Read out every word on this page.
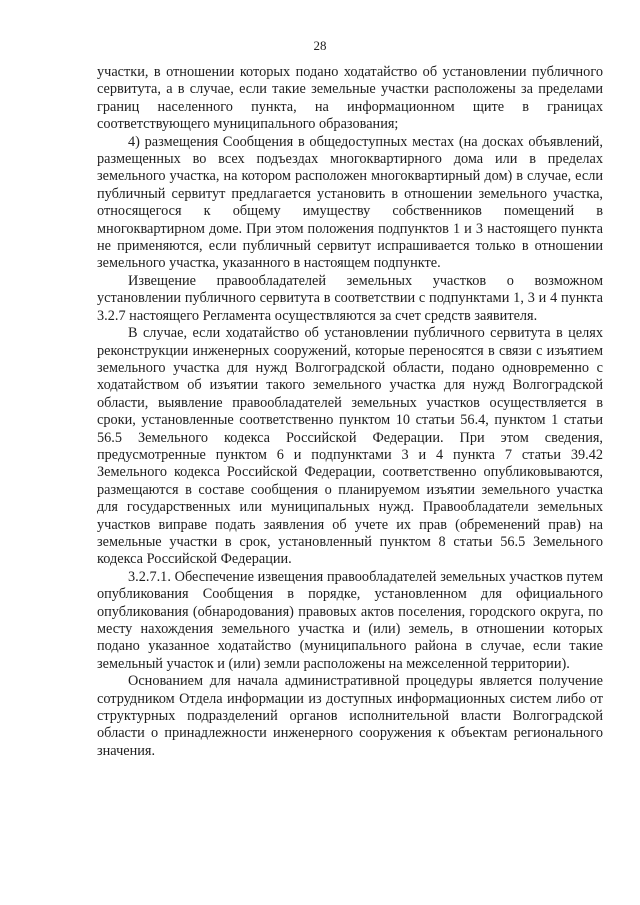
28

участки, в отношении которых подано ходатайство об установлении публичного сервитута, а в случае, если такие земельные участки расположены за пределами границ населенного пункта, на информационном щите в границах соответствующего муниципального образования;

4) размещения Сообщения в общедоступных местах (на досках объявлений, размещенных во всех подъездах многоквартирного дома или в пределах земельного участка, на котором расположен многоквартирный дом) в случае, если публичный сервитут предлагается установить в отношении земельного участка, относящегося к общему имуществу собственников помещений в многоквартирном доме. При этом положения подпунктов 1 и 3 настоящего пункта не применяются, если публичный сервитут испрашивается только в отношении земельного участка, указанного в настоящем подпункте.

Извещение правообладателей земельных участков о возможном установлении публичного сервитута в соответствии с подпунктами 1, 3 и 4 пункта 3.2.7 настоящего Регламента осуществляются за счет средств заявителя.

В случае, если ходатайство об установлении публичного сервитута в целях реконструкции инженерных сооружений, которые переносятся в связи с изъятием земельного участка для нужд Волгоградской области, подано одновременно с ходатайством об изъятии такого земельного участка для нужд Волгоградской области, выявление правообладателей земельных участков осуществляется в сроки, установленные соответственно пунктом 10 статьи 56.4, пунктом 1 статьи 56.5 Земельного кодекса Российской Федерации. При этом сведения, предусмотренные пунктом 6 и подпунктами 3 и 4 пункта 7 статьи 39.42 Земельного кодекса Российской Федерации, соответственно опубликовываются, размещаются в составе сообщения о планируемом изъятии земельного участка для государственных или муниципальных нужд. Правообладатели земельных участков виправе подать заявления об учете их прав (обременений прав) на земельные участки в срок, установленный пунктом 8 статьи 56.5 Земельного кодекса Российской Федерации.

3.2.7.1. Обеспечение извещения правообладателей земельных участков путем опубликования Сообщения в порядке, установленном для официального опубликования (обнародования) правовых актов поселения, городского округа, по месту нахождения земельного участка и (или) земель, в отношении которых подано указанное ходатайство (муниципального района в случае, если такие земельный участок и (или) земли расположены на межселенной территории).

Основанием для начала административной процедуры является получение сотрудником Отдела информации из доступных информационных систем либо от структурных подразделений органов исполнительной власти Волгоградской области о принадлежности инженерного сооружения к объектам регионального значения.
